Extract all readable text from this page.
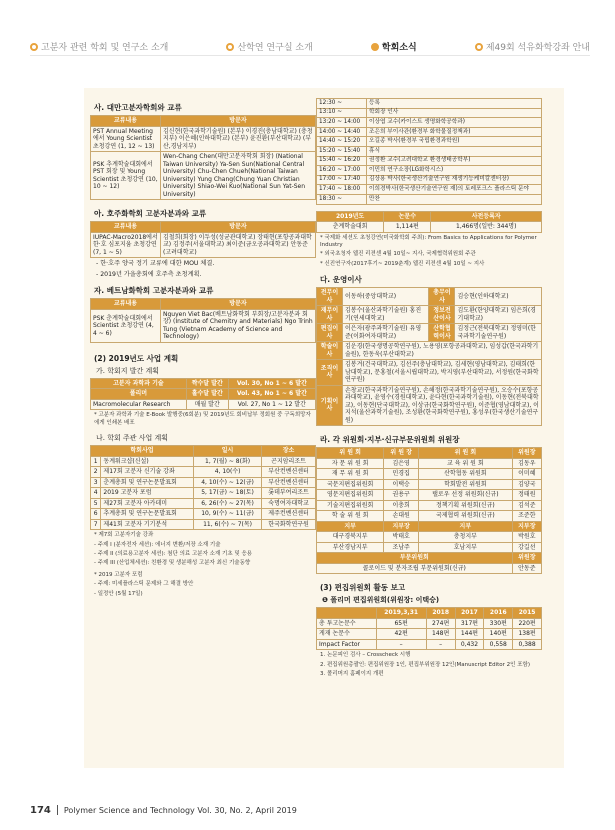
고분자 관련 학회 및 연구소 소개	산학연 연구실 소개	학회소식	제49회 석유화학강좌 안내
사. 대만고분자학회와 교류
교류내용	방문자
PST Annual Meeting에서 Young Scientist 초청강연 (1, 12 ~ 13)	김신현(한국과학기술원) (본부) 이경진(충남대학교) (충청지부) 이은혜(인하대학교) (본부) 윤진환(부산대학교) (부산,경남지부)
PSK 추계학술대회에서 PST 회장 및 Young Scientist 초청강연 (10, 10 ~ 12)	Wen-Chang Chen(대만고분자학회 회장) (National Taiwan University) Ya-Sen Sun(National Central University) Chu-Chen Chueh(National Taiwan University) Yung Chang(Chung Yuan Christian University) Shiao-Wei Kuo(National Sun Yat-Sen University)
아. 호주화학회 고분자분과와 교류
교류내용	방문자
IUPAC-Macro2018에서 한·호 심포지움 초청강연 (7, 1 ~ 5)	김철희(회장) 이두성(성균관대학교) 장태현(포항공과대학교) 김정주(서울대학교) 최이준(금오공과대학교) 안동준(고려대학교)
- 한·호주 양국 정기 교류에 대한 MOU 체결.
- 2019년 가을총회에 호주측 초청계획.
자. 베트남화학회 고분자분과와 교류
교류내용	방문자
PSK 춘계학술대회에서 Scientist 초청강연 (4, 4 ~ 6)	Nguyen Viet Bac(베트남화학회 부회장/고분자분과 회장) (Institute of Chemitry and Materials) Ngo Trinh Tung (Vietnam Academy of Science and Technology)
(2) 2019년도 사업 계획
가. 학회지 발간 계획
고분자 과학과 기술	짝수달 발간	Vol. 30, No 1 ~ 6 발간
폴리머	홀수달 발간	Vol. 43, No 1 ~ 6 발간
Macromolecular Research	매월 발간	Vol. 27, No 1 ~ 12 발간
* 고분자 과학과 기술 E-Book 발행중(6회분) 및 2019년도 회비납부 정회원 중 구독희망자에게 인쇄본 배포
나. 학회 주관 사업 계획
학회사업		일시	장소
1	동계워크샵(신설)	1, 7(월) ~ 8(화)	곤지암리조트
2	제17회 고분자 신기술 강좌	4, 10(수)	부산컨벤션센터
3	춘계총회 및 연구논문발표회	4, 10(수) ~ 12(금)	부산컨벤션센터
4	2019 고분자 포럼	5, 17(금) ~ 18(토)	롯데부여리조트
5	제27회 고분자 아카데미	6, 26(수) ~ 27(목)	숙명여자대학교
6	추계총회 및 연구논문발표회	10, 9(수) ~ 11(금)	제주컨벤션센터
7	제41회 고분자 기기분석	11, 6(수) ~ 7(목)	한국화학연구원
* 제7회 고분자기술 강좌
- 주제 I (분자전자 세션): 에너지 변환/저장 소재 기술
- 주제 II (의료용고분자 세션): 첨단 의료 고분자 소재 기초 및 응용
- 주제 III (산업체세션): 친환경 및 생분해성 고분자 최신 기술동향
* 2019 고분자 포럼
- 주제: 미세플라스틱 문제와 그 해결 방안
- 일정안 (5월 17일)
12:30 ~	등록
13:10 ~	학회장 인사
13:20 ~ 14:00	이상엽 교수(카이스트 생명화학공학과)
14:00 ~ 14:40	조은희 부이사관(환경부 화학물질정책과)
14:40 ~ 15:20	오길종 박사(환경부 국립환경과학원)
15:20 ~ 15:40	휴식
15:40 ~ 16:20	권정환 교수(고려대학교 환경생태공학부)
16:20 ~ 17:00	이민희 연구소장(LG화학시스)
17:00 ~ 17:40	김상용 박사(한국생산기술연구원 재생기능케미칼센터장)
17:40 ~ 18:00	이희경박사(한국생산기술연구원 재)의 토레포크스 플라스틱 문야
18:30 ~	만찬
2019년도	논문수	사전등록자
춘계학술대회	1,114편	1,466명(일반: 344명)
* 국제화 세션도 초청강연(미국화학회 주최): From Basics to Applications for Polymer Industry
* 외국초청자 웹진 리젼센 4월 10일~ 지사, 국제협력위원회 주관
* 신진연구자(2017후기~ 2019춘계) 웹진 리젼센 4월 10일 ~ 지사
다. 운영이사
전무이사	이동하(중앙대학교)	총무이사	김승현(인하대학교)
재무이사	김봉수(울산과학기술원) 홍진기(연세대학교)	정보전산이사	김도환(한양대학교) 임은희(경기대학교)
편집이사	이은자(광주과학기술원) 유영준(이화여자대학교)	산학협력이사	김정근(전북대학교) 정영미(한국과학기술연구원)
학술이사	김운경(한국생명공학연구원), 노용영(포항공과대학교), 임성갑(한국과학기술원), 한동욱(부산대학교)		
조직이사	김봉겨(건국대학교), 김선주(충남대학교), 김세현(영남대학교), 김태희(한남대학교), 문홍철(서울시립대학교), 박지영(부산대학교), 서정원(한국화학연구원)		
기획이사	손창교(한국과학기술연구원), 손해정(한국과학기술연구원), 오승수(포항공과대학교), 윤영수(경원대학교), 윤다현(한국과학기술원), 이동현(전북대학교), 이동현(단국대학교), 이상규(한국화학연구원), 이준협(영남대학교), 이지석(울산과학기술원), 조성환(한국화학연구원), 홍성우(한국생산기술연구원)		
라. 각 위원회·지부·신규부문위원회 위원장
위 원 회	위 원 장	위 원 회	위원장
자 문 위 원 회	김은영	교 육 위 원 회	김동우
재 무 위 원 회	민경집	산학협동 위원회	이미혜
국문지편집위원회	이택승	학회발전 위원회	김양국
영문지편집위원회	권용구	탤로우 선정 위원회(신규)	정태원
기술지편집위원회	이충희	정책기획 위원회(신규)	김석준
학 술 위 원 회	손대원	국제협력 위원회(신규)	조준한
지부	지부장	지부	지부장
대구경북지부	박태호	충청지부	박원호
부산경남지부	조남주	호남지부	강길선
부문위원회			위원장
콜로이드 및 분자조립 부문위원회(신규)			안동준
(3) 편집위원회 활동 보고
❶ 폴리머 편집위원회(위원장: 이택승)
	2019,3,31	2018	2017	2016	2015
총 투고논문수	65편	274편	317편	330편	220편
게재 논문수	42편	148편	144편	140편	138편
Impact Factor	–	–	0,432	0,558	0,388
1. 논문피인 검사 – Crosscheck 시행
2. 편집위원총괄인: 편집위원장 1인, 편집부위원장 12인(Manuscript Editor 2인 포함)
3. 폴리머지 홈페이지 개편
174 Polymer Science and Technology Vol. 30, No. 2, April 2019
